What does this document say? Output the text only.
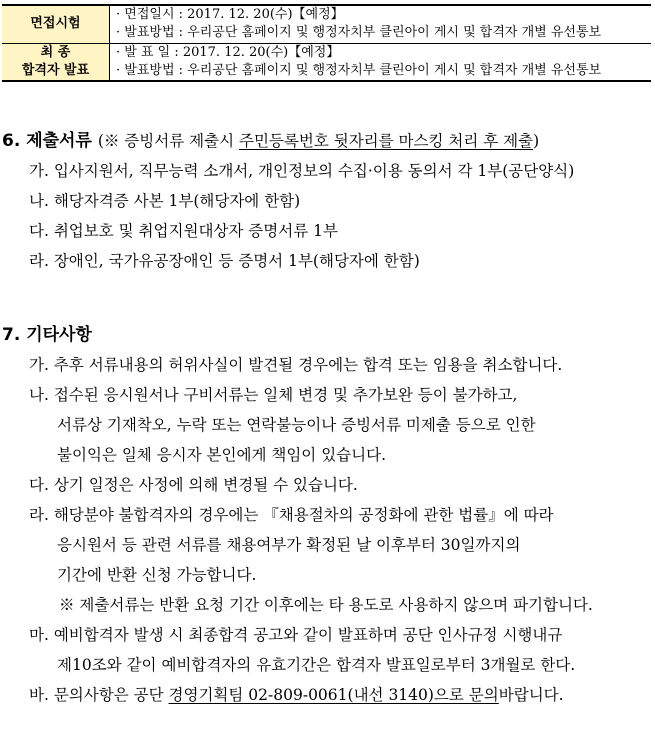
면접시험	· 면접일시 : 2017. 12. 20(수)【예정】
· 발표방법 : 우리공단 홈페이지 및 행정자치부 클린아이 게시 및 합격자 개별 유선통보

최 종
합격자 발표	· 발 표 일 : 2017. 12. 20(수)【예정】
· 발표방법 : 우리공단 홈페이지 및 행정자치부 클린아이 게시 및 합격자 개별 유선통보
6. 제출서류 (※ 증빙서류 제출시 주민등록번호 뒷자리를 마스킹 처리 후 제출)
가. 입사지원서, 직무능력 소개서, 개인정보의 수집·이용 동의서 각 1부(공단양식)
나. 해당자격증 사본 1부(해당자에 한함)
다. 취업보호 및 취업지원대상자 증명서류 1부
라. 장애인, 국가유공장애인 등 증명서 1부(해당자에 한함)
7. 기타사항
가. 추후 서류내용의 허위사실이 발견될 경우에는 합격 또는 임용을 취소합니다.
나. 접수된 응시원서나 구비서류는 일체 변경 및 추가보완 등이 불가하고,
서류상 기재착오, 누락 또는 연락불능이나 증빙서류 미제출 등으로 인한
불이익은 일체 응시자 본인에게 책임이 있습니다.
다. 상기 일정은 사정에 의해 변경될 수 있습니다.
라. 해당분야 불합격자의 경우에는 『채용절차의 공정화에 관한 법률』에 따라
응시원서 등 관련 서류를 채용여부가 확정된 날 이후부터 30일까지의
기간에 반환 신청 가능합니다.
※ 제출서류는 반환 요청 기간 이후에는 타 용도로 사용하지 않으며 파기합니다.
마. 예비합격자 발생 시 최종합격 공고와 같이 발표하며 공단 인사규정 시행내규
제10조와 같이 예비합격자의 유효기간은 합격자 발표일로부터 3개월로 한다.
바. 문의사항은 공단 경영기획팀 02-809-0061(내선 3140)으로 문의바랍니다.
